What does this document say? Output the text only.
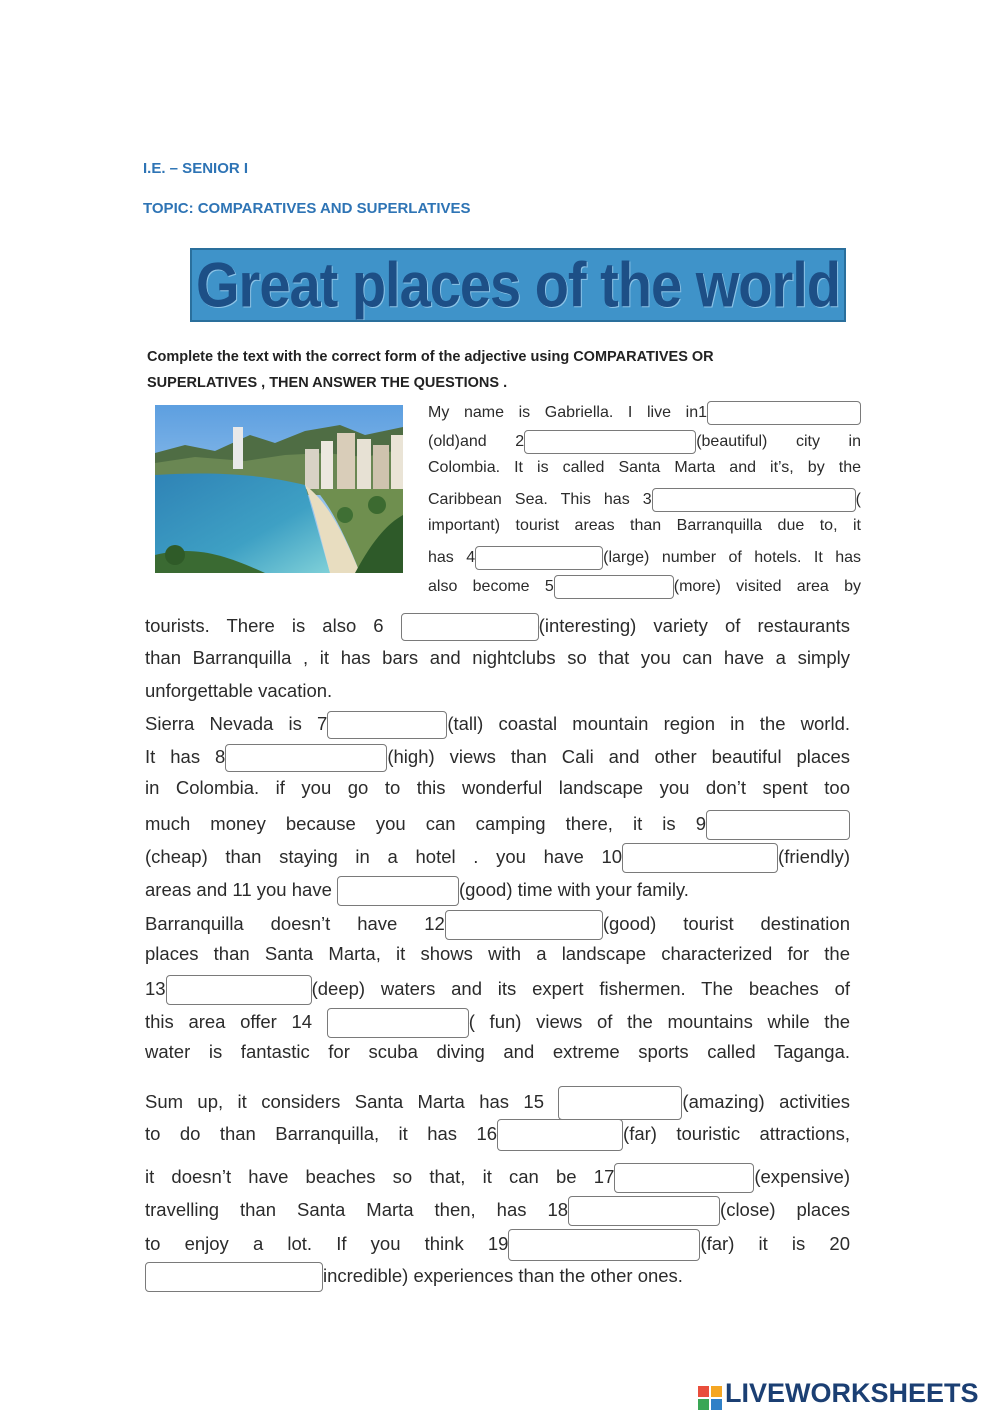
I.E. – SENIOR I
TOPIC: COMPARATIVES AND SUPERLATIVES
Great places of the world
Complete the text with the correct form of the adjective using COMPARATIVES OR
SUPERLATIVES , THEN ANSWER THE QUESTIONS .
My name is Gabriella. I live in1
(old)and 2	(beautiful) city in
Colombia. It is called Santa Marta and it’s, by the
Caribbean Sea. This has 3	(
important) tourist areas than Barranquilla due to, it
has 4	(large) number of hotels. It has
also become 5	(more) visited area by
tourists. There is also 6	(interesting) variety of restaurants
than Barranquilla , it has bars and nightclubs so that you can have a simply
unforgettable vacation.
Sierra Nevada is 7	(tall) coastal mountain region in the world.
It has 8	(high) views than Cali and other beautiful places
in Colombia. if you go to this wonderful landscape you don’t spent too
much money because you can camping there, it is 9
(cheap) than staying in a hotel . you have 10	(friendly)
areas and 11 you have	(good) time with your family.
Barranquilla doesn’t have 12	(good) tourist destination
places than Santa Marta, it shows with a landscape characterized for the
13	(deep) waters and its expert fishermen. The beaches of
this area offer 14	( fun) views of the mountains while the
water is fantastic for scuba diving and extreme sports called Taganga.
Sum up, it considers Santa Marta has 15	(amazing) activities
to do than Barranquilla, it has 16	(far) touristic attractions,
it doesn’t have beaches so that, it can be 17	(expensive)
travelling than Santa Marta then, has 18	(close) places
to enjoy a lot. If you think 19	(far) it is 20
incredible) experiences than the other ones.
LIVEWORKSHEETS
